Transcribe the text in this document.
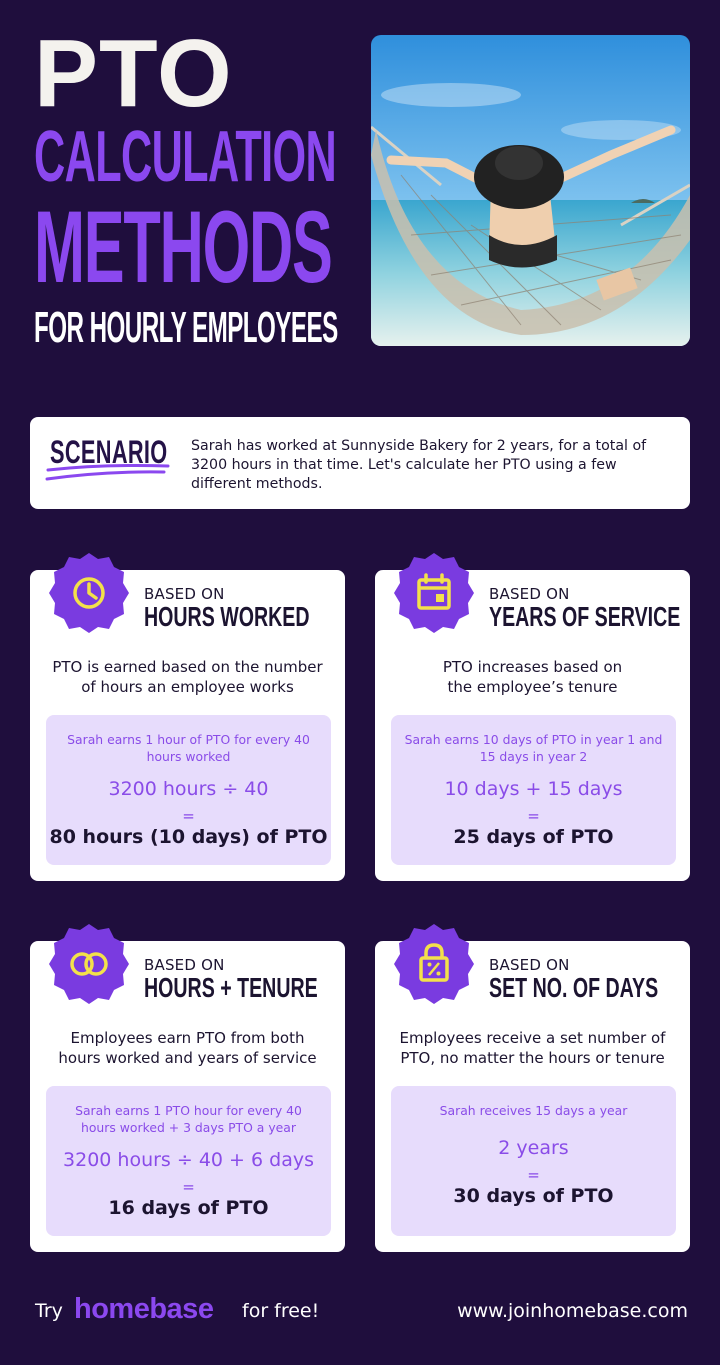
PTO
CALCULATION
METHODS
FOR HOURLY EMPLOYEES
SCENARIO Sarah has worked at Sunnyside Bakery for 2 years, for a total of 3200 hours in that time. Let's calculate her PTO using a few different methods.
BASED ON
HOURS WORKED
PTO is earned based on the number of hours an employee works
Sarah earns 1 hour of PTO for every 40 hours worked
3200 hours ÷ 40
=
80 hours (10 days) of PTO
BASED ON
YEARS OF SERVICE
PTO increases based on the employee’s tenure
Sarah earns 10 days of PTO in year 1 and 15 days in year 2
10 days + 15 days
=
25 days of PTO
BASED ON
HOURS + TENURE
Employees earn PTO from both hours worked and years of service
Sarah earns 1 PTO hour for every 40 hours worked + 3 days PTO a year
3200 hours ÷ 40 + 6 days
=
16 days of PTO
BASED ON
SET NO. OF DAYS
Employees receive a set number of PTO, no matter the hours or tenure
Sarah receives 15 days a year
2 years
=
30 days of PTO
Try homebase for free!	www.joinhomebase.com
